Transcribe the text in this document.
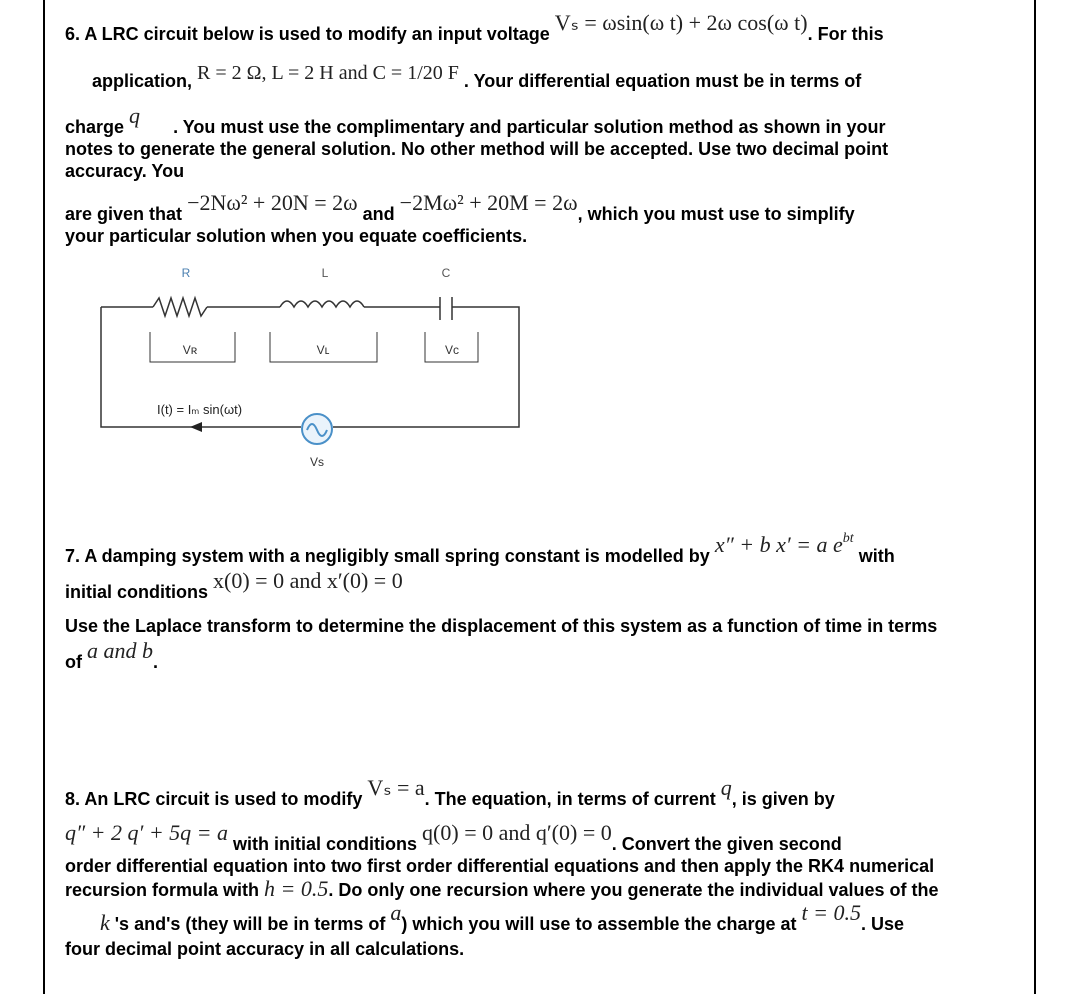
6. A LRC circuit below is used to modify an input voltage Vₛ = ωsin(ω t) + 2ω cos(ω t). For this
application, R = 2 Ω, L = 2 H and C = 1/20 F . Your differential equation must be in terms of
charge q . You must use the complimentary and particular solution method as shown in your
notes to generate the general solution. No other method will be accepted. Use two decimal point
accuracy. You
are given that −2Nω² + 20N = 2ω and −2Mω² + 20M = 2ω, which you must use to simplify
your particular solution when you equate coefficients.
R	L	C
Vʀ	Vʟ	Vc
I(t) = Iₘ sin(ωt)
Vs
7. A damping system with a negligibly small spring constant is modelled by x″ + b x′ = a $e^{bt}$ with
initial conditions x(0) = 0 and x′(0) = 0
Use the Laplace transform to determine the displacement of this system as a function of time in terms
of a and b.
8. An LRC circuit is used to modify Vₛ = a. The equation, in terms of current q, is given by
q″ + 2 q′ + 5q = a with initial conditions q(0) = 0 and q′(0) = 0. Convert the given second
order differential equation into two first order differential equations and then apply the RK4 numerical
recursion formula with h = 0.5. Do only one recursion where you generate the individual values of the
k 's and's (they will be in terms of a) which you will use to assemble the charge at t = 0.5. Use
four decimal point accuracy in all calculations.
